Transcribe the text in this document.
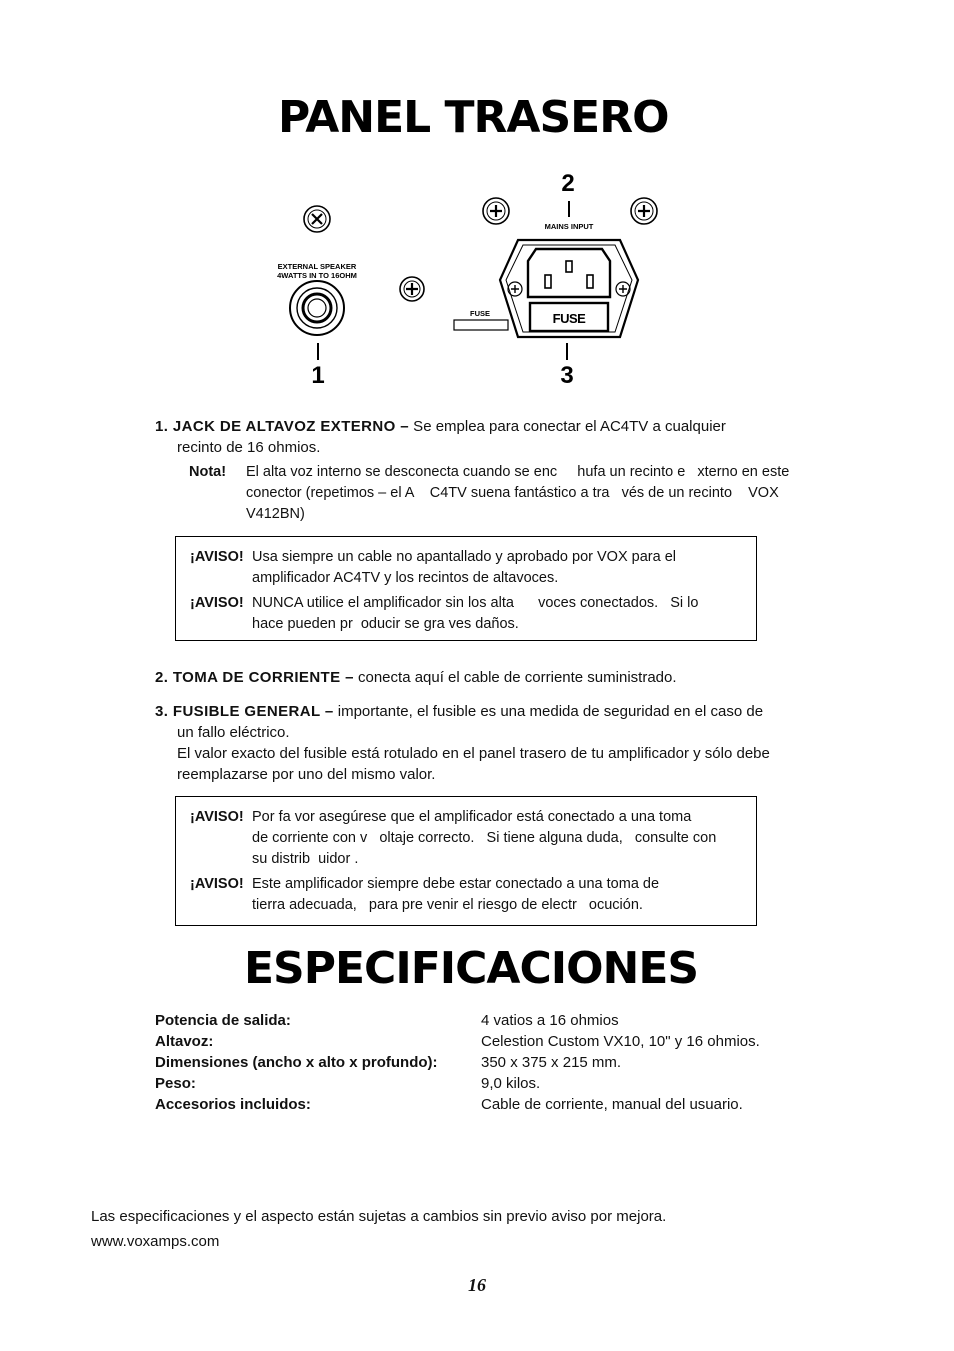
PANEL TRASERO
EXTERNAL SPEAKER
4WATTS IN TO 16OHM
1
2
MAINS INPUT
FUSE
FUSE
3
1. JACK DE ALTAVOZ EXTERNO – Se emplea para conectar el AC4TV a cualquier
recinto de 16 ohmios.
Nota! El alta voz interno se desconecta cuando se enc     hufa un recinto e   xterno en este
conector (repetimos – el A    C4TV suena fantástico a tra   vés de un recinto    VOX
V412BN)
¡AVISO! Usa siempre un cable no apantallado y aprobado por VOX para el
amplificador AC4TV y los recintos de altavoces.
¡AVISO! NUNCA utilice el amplificador sin los alta      voces conectados.   Si lo
hace pueden pr  oducir se gra ves daños.
2. TOMA DE CORRIENTE – conecta aquí el cable de corriente suministrado.
3. FUSIBLE GENERAL – importante, el fusible es una medida de seguridad en el caso de
un fallo eléctrico.
El valor exacto del fusible está rotulado en el panel trasero de tu amplificador y sólo debe
reemplazarse por uno del mismo valor.
¡AVISO! Por fa vor asegúrese que el amplificador está conectado a una toma
de corriente con v   oltaje correcto.   Si tiene alguna duda,   consulte con
su distrib  uidor .
¡AVISO! Este amplificador siempre debe estar conectado a una toma de
tierra adecuada,   para pre venir el riesgo de electr   ocución.
ESPECIFICACIONES
Potencia de salida:	4 vatios a 16 ohmios
Altavoz:	Celestion Custom VX10, 10" y 16 ohmios.
Dimensiones (ancho x alto x profundo):	350 x 375 x 215 mm.
Peso:	9,0 kilos.
Accesorios incluidos:	Cable de corriente, manual del usuario.
Las especificaciones y el aspecto están sujetas a cambios sin previo aviso por mejora.
www.voxamps.com
16
